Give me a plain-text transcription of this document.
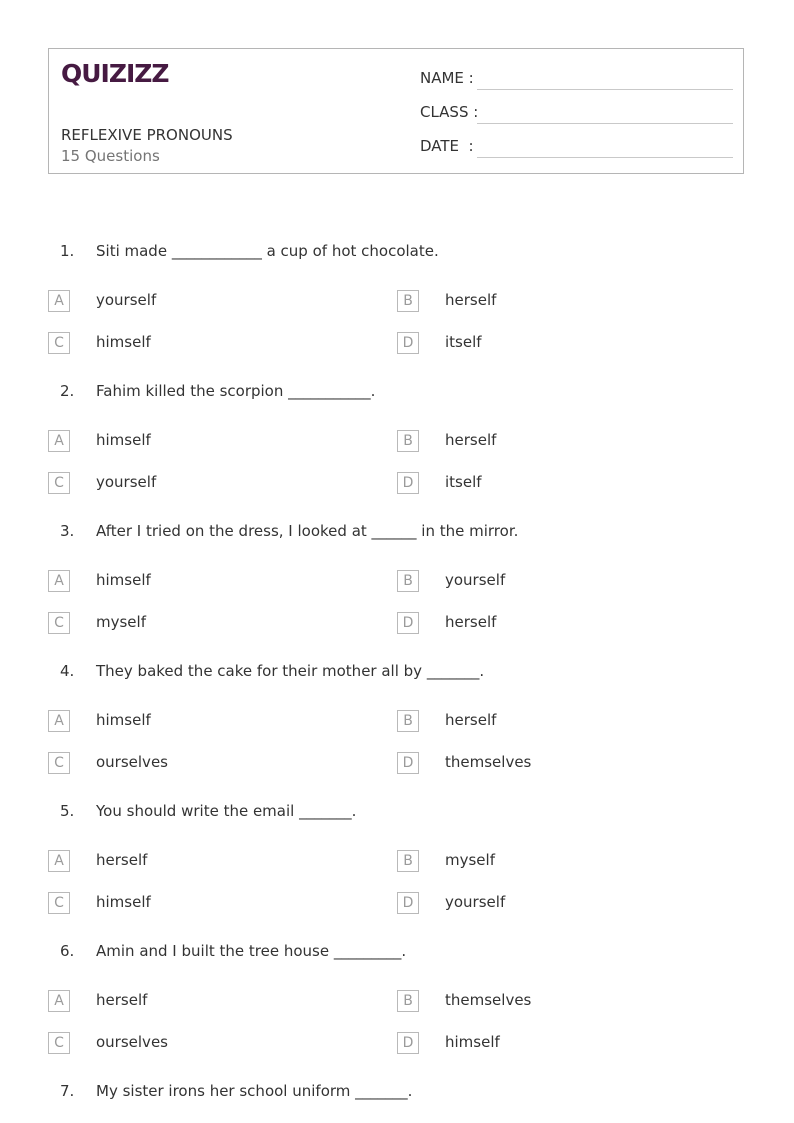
QUIZIZZ
REFLEXIVE PRONOUNS
15 Questions
NAME :
CLASS :
DATE  :
1. Siti made ____________ a cup of hot chocolate.
A	yourself	B	herself
C	himself	D	itself
2. Fahim killed the scorpion ___________.
A	himself	B	herself
C	yourself	D	itself
3. After I tried on the dress, I looked at ______ in the mirror.
A	himself	B	yourself
C	myself	D	herself
4. They baked the cake for their mother all by _______.
A	himself	B	herself
C	ourselves	D	themselves
5. You should write the email _______.
A	herself	B	myself
C	himself	D	yourself
6. Amin and I built the tree house _________.
A	herself	B	themselves
C	ourselves	D	himself
7. My sister irons her school uniform _______.
